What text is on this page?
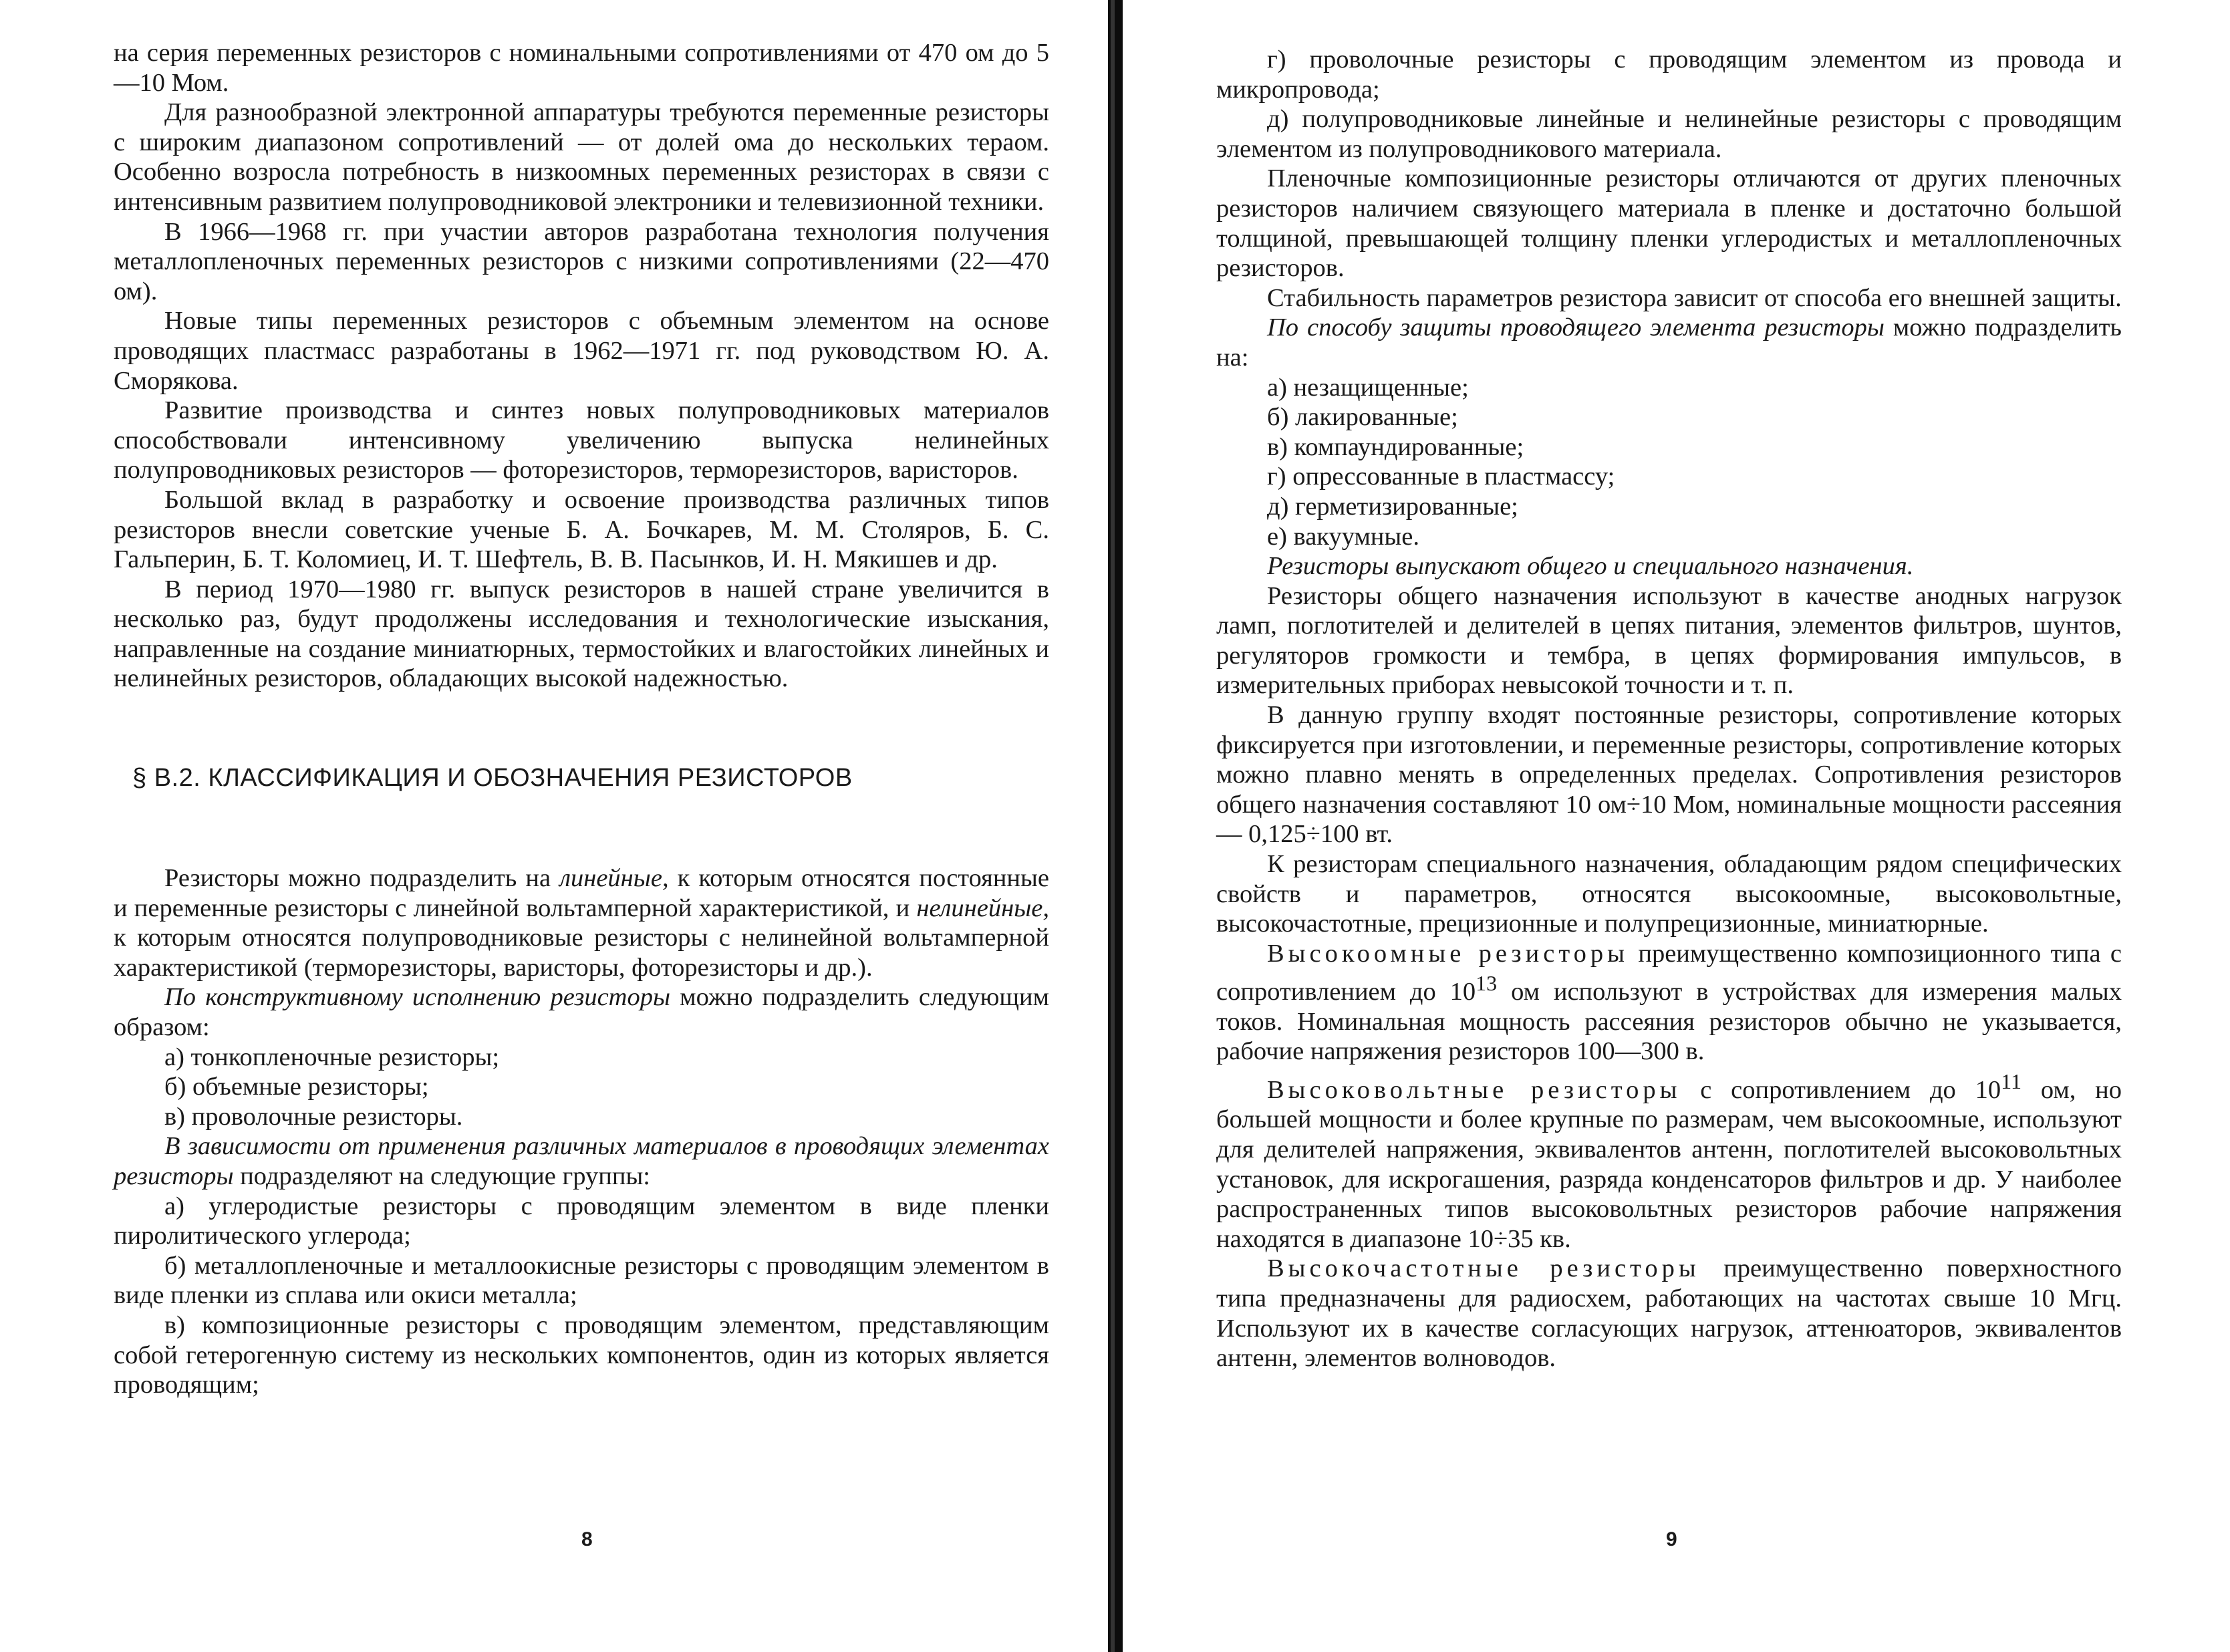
на серия переменных резисторов с номинальными сопротивлениями от 470 ом до 5—10 Мом.

Для разнообразной электронной аппаратуры требуются переменные резисторы с широким диапазоном сопротивлений — от долей ома до нескольких тераом. Особенно возросла потребность в низкоомных переменных резисторах в связи с интенсивным развитием полупроводниковой электроники и телевизионной техники.

В 1966—1968 гг. при участии авторов разработана технология получения металлопленочных переменных резисторов с низкими сопротивлениями (22—470 ом).

Новые типы переменных резисторов с объемным элементом на основе проводящих пластмасс разработаны в 1962—1971 гг. под руководством Ю. А. Сморякова.

Развитие производства и синтез новых полупроводниковых материалов способствовали интенсивному увеличению выпуска нелинейных полупроводниковых резисторов — фоторезисторов, терморезисторов, варисторов.

Большой вклад в разработку и освоение производства различных типов резисторов внесли советские ученые Б. А. Бочкарев, М. М. Столяров, Б. С. Гальперин, Б. Т. Коломиец, И. Т. Шефтель, В. В. Пасынков, И. Н. Мякишев и др.

В период 1970—1980 гг. выпуск резисторов в нашей стране увеличится в несколько раз, будут продолжены исследования и технологические изыскания, направленные на создание миниатюрных, термостойких и влагостойких линейных и нелинейных резисторов, обладающих высокой надежностью.

§ В.2. КЛАССИФИКАЦИЯ И ОБОЗНАЧЕНИЯ РЕЗИСТОРОВ

Резисторы можно подразделить на линейные, к которым относятся постоянные и переменные резисторы с линейной вольтамперной характеристикой, и нелинейные, к которым относятся полупроводниковые резисторы с нелинейной вольтамперной характеристикой (терморезисторы, варисторы, фоторезисторы и др.).

По конструктивному исполнению резисторы можно подразделить следующим образом:

а) тонкопленочные резисторы;

б) объемные резисторы;

в) проволочные резисторы.

В зависимости от применения различных материалов в проводящих элементах резисторы подразделяют на следующие группы:

а) углеродистые резисторы с проводящим элементом в виде пленки пиролитического углерода;

б) металлопленочные и металлоокисные резисторы с проводящим элементом в виде пленки из сплава или окиси металла;

в) композиционные резисторы с проводящим элементом, представляющим собой гетерогенную систему из нескольких компонентов, один из которых является проводящим;

8

г) проволочные резисторы с проводящим элементом из провода и микропровода;

д) полупроводниковые линейные и нелинейные резисторы с проводящим элементом из полупроводникового материала.

Пленочные композиционные резисторы отличаются от других пленочных резисторов наличием связующего материала в пленке и достаточно большой толщиной, превышающей толщину пленки углеродистых и металлопленочных резисторов.

Стабильность параметров резистора зависит от способа его внешней защиты.

По способу защиты проводящего элемента резисторы можно подразделить на:

а) незащищенные;

б) лакированные;

в) компаундированные;

г) опрессованные в пластмассу;

д) герметизированные;

е) вакуумные.

Резисторы выпускают общего и специального назначения.

Резисторы общего назначения используют в качестве анодных нагрузок ламп, поглотителей и делителей в цепях питания, элементов фильтров, шунтов, регуляторов громкости и тембра, в цепях формирования импульсов, в измерительных приборах невысокой точности и т. п.

В данную группу входят постоянные резисторы, сопротивление которых фиксируется при изготовлении, и переменные резисторы, сопротивление которых можно плавно менять в определенных пределах. Сопротивления резисторов общего назначения составляют 10 ом÷10 Мом, номинальные мощности рассеяния — 0,125÷100 вт.

К резисторам специального назначения, обладающим рядом специфических свойств и параметров, относятся высокоомные, высоковольтные, высокочастотные, прецизионные и полупрецизионные, миниатюрные.

Высокоомные резисторы преимущественно композиционного типа с сопротивлением до $10^{13}$ ом используют в устройствах для измерения малых токов. Номинальная мощность рассеяния резисторов обычно не указывается, рабочие напряжения резисторов 100—300 в.

Высоковольтные резисторы с сопротивлением до $10^{11}$ ом, но большей мощности и более крупные по размерам, чем высокоомные, используют для делителей напряжения, эквивалентов антенн, поглотителей высоковольтных установок, для искрогашения, разряда конденсаторов фильтров и др. У наиболее распространенных типов высоковольтных резисторов рабочие напряжения находятся в диапазоне 10÷35 кв.

Высокочастотные резисторы преимущественно поверхностного типа предназначены для радиосхем, работающих на частотах свыше 10 Мгц. Используют их в качестве согласующих нагрузок, аттенюаторов, эквивалентов антенн, элементов волноводов.

9
